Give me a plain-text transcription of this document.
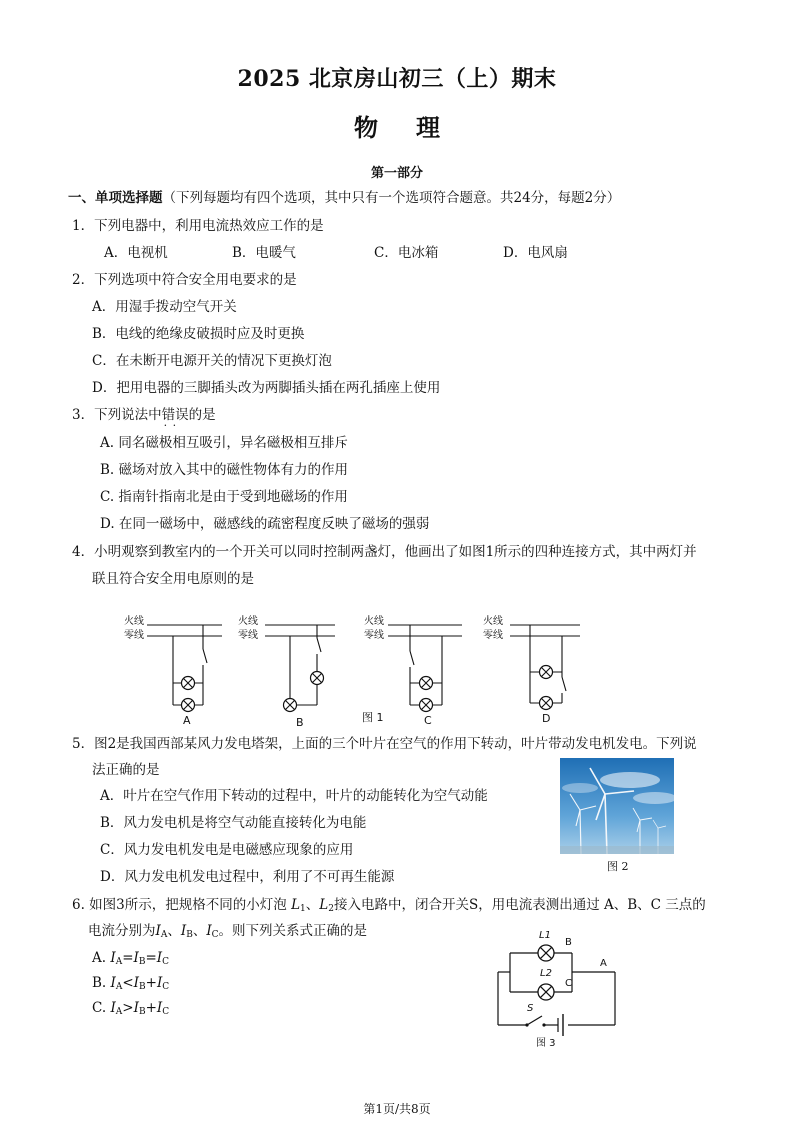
2025 北京房山初三（上）期末
物理
第一部分
一、单项选择题（下列每题均有四个选项，其中只有一个选项符合题意。共24分，每题2分）
1．下列电器中，利用电流热效应工作的是
A．电视机	B．电暖气	C．电冰箱	D．电风扇
2．下列选项中符合安全用电要求的是
A．用湿手拨动空气开关
B．电线的绝缘皮破损时应及时更换
C．在未断开电源开关的情况下更换灯泡
D．把用电器的三脚插头改为两脚插头插在两孔插座上使用
3．下列说法中错误 · ·的是
A. 同名磁极相互吸引，异名磁极相互排斥
B. 磁场对放入其中的磁性物体有力的作用
C. 指南针指南北是由于受到地磁场的作用
D. 在同一磁场中，磁感线的疏密程度反映了磁场的强弱
4．小明观察到教室内的一个开关可以同时控制两盏灯，他画出了如图1所示的四种连接方式，其中两灯并
联且符合安全用电原则的是
火线
零线
火线
零线
火线
零线
火线
零线
A	B	C	D
图 1
5．图2是我国西部某风力发电塔架，上面的三个叶片在空气的作用下转动，叶片带动发电机发电。下列说
法正确的是
A．叶片在空气作用下转动的过程中，叶片的动能转化为空气动能
B．风力发电机是将空气动能直接转化为电能
C．风力发电机发电是电磁感应现象的应用
D．风力发电机发电过程中，利用了不可再生能源
图 2
6. 如图3所示，把规格不同的小灯泡 $L_1$、$L_2$接入电路中，闭合开关S，用电流表测出通过 A、B、C 三点的
电流分别为$I_A$、$I_B$、$I_C$。则下列关系式正确的是
A. $I_A=I_B=I_C$
B. $I_A<I_B+I_C$
C. $I_A>I_B+I_C$
L1
B
A
L2
C
S
图 3
第1页/共8页
